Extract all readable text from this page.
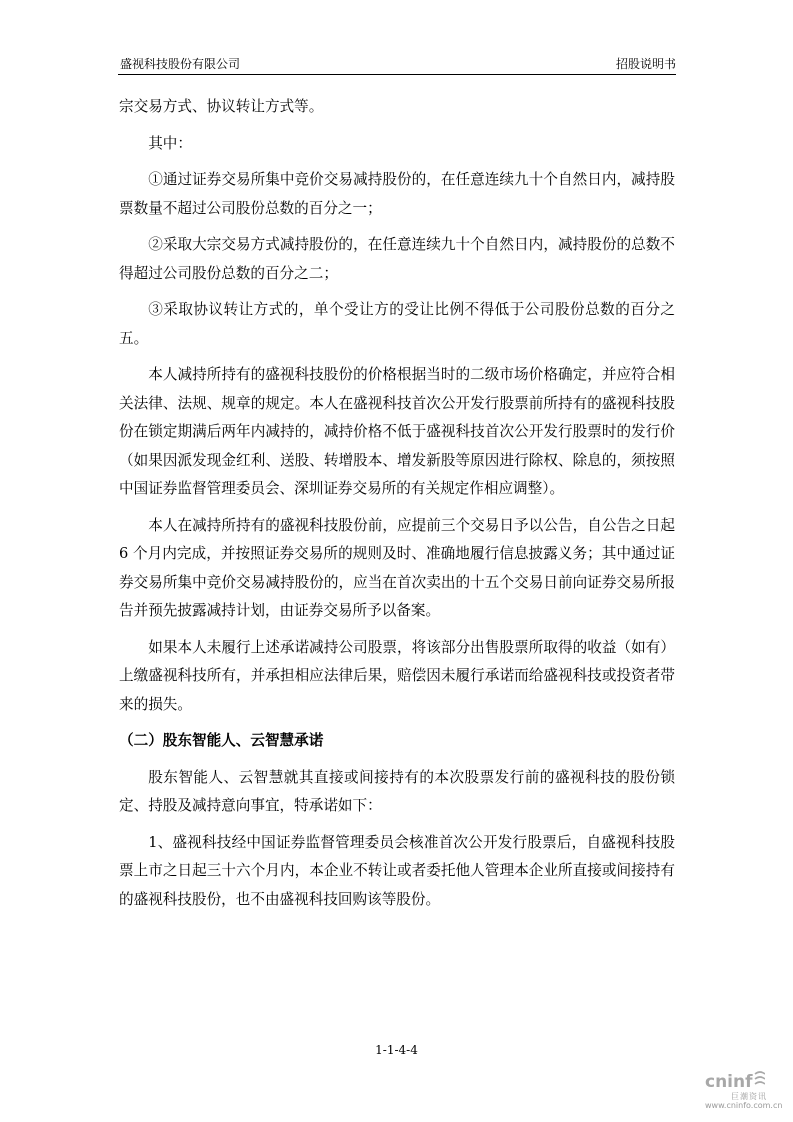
盛视科技股份有限公司	招股说明书

宗交易方式、协议转让方式等。

其中：

①通过证券交易所集中竞价交易减持股份的，在任意连续九十个自然日内，减持股票数量不超过公司股份总数的百分之一；

②采取大宗交易方式减持股份的，在任意连续九十个自然日内，减持股份的总数不得超过公司股份总数的百分之二；

③采取协议转让方式的，单个受让方的受让比例不得低于公司股份总数的百分之五。

本人减持所持有的盛视科技股份的价格根据当时的二级市场价格确定，并应符合相关法律、法规、规章的规定。本人在盛视科技首次公开发行股票前所持有的盛视科技股份在锁定期满后两年内减持的，减持价格不低于盛视科技首次公开发行股票时的发行价（如果因派发现金红利、送股、转增股本、增发新股等原因进行除权、除息的，须按照中国证券监督管理委员会、深圳证券交易所的有关规定作相应调整）。

本人在减持所持有的盛视科技股份前，应提前三个交易日予以公告，自公告之日起 6 个月内完成，并按照证券交易所的规则及时、准确地履行信息披露义务；其中通过证券交易所集中竞价交易减持股份的，应当在首次卖出的十五个交易日前向证券交易所报告并预先披露减持计划，由证券交易所予以备案。

如果本人未履行上述承诺减持公司股票，将该部分出售股票所取得的收益（如有）上缴盛视科技所有，并承担相应法律后果，赔偿因未履行承诺而给盛视科技或投资者带来的损失。

（二）股东智能人、云智慧承诺

股东智能人、云智慧就其直接或间接持有的本次股票发行前的盛视科技的股份锁定、持股及减持意向事宜，特承诺如下：

1、盛视科技经中国证券监督管理委员会核准首次公开发行股票后，自盛视科技股票上市之日起三十六个月内，本企业不转让或者委托他人管理本企业所直接或间接持有的盛视科技股份，也不由盛视科技回购该等股份。

1-1-4-4
cninf
巨潮资讯
www.cninfo.com.cn
